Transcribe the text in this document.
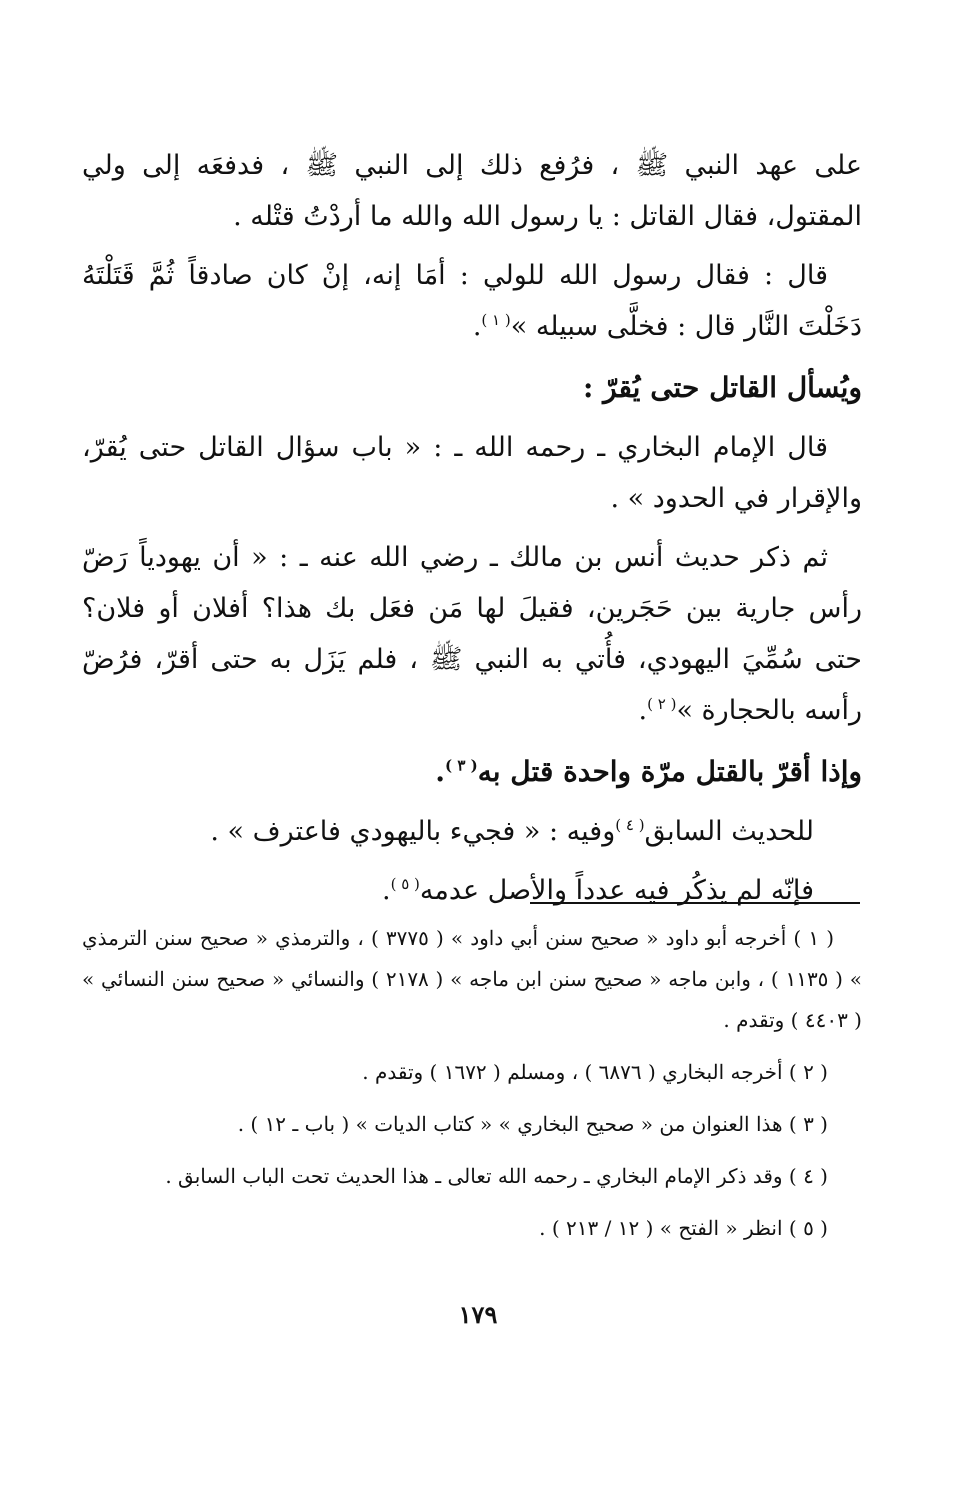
على عهد النبي ﷺ ، فرُفع ذلك إلى النبي ﷺ ، فدفعَه إلى ولي المقتول، فقال القاتل : يا رسول الله والله ما أردْتُ قتْله .

قال : فقال رسول الله للولي : أمَا إنه، إنْ كان صادقاً ثُمَّ قَتَلْتَهُ دَخَلْتَ النَّار قال : فخلَّى سبيله »$^{( ١ )}$.

ويُسأل القاتل حتى يُقرّ :

قال الإمام البخاري ـ رحمه الله ـ : « باب سؤال القاتل حتى يُقرّ، والإقرار في الحدود » .

ثم ذكر حديث أنس بن مالك ـ رضي الله عنه ـ : « أن يهودياً رَضّ رأس جارية بين حَجَرين، فقيلَ لها مَن فعَل بك هذا؟ أفلان أو فلان؟ حتى سُمِّيَ اليهودي، فأُتي به النبي ﷺ ، فلم يَزَل به حتى أقرّ، فرُضّ رأسه بالحجارة »$^{( ٢ )}$.

وإذا أقرّ بالقتل مرّة واحدة قتل به$^{( ٣ )}$.

للحديث السابق$^{( ٤ )}$وفيه : « فجيء باليهودي فاعترف » .

فإنّه لم يذكُر فيه عدداً والأصل عدمه$^{( ٥ )}$.

( ١ ) أخرجه أبو داود « صحيح سنن أبي داود » ( ٣٧٧٥ ) ، والترمذي « صحيح سنن الترمذي » ( ١١٣٥ ) ، وابن ماجه « صحيح سنن ابن ماجه » ( ٢١٧٨ ) والنسائي « صحيح سنن النسائي » ( ٤٤٠٣ ) وتقدم .

( ٢ ) أخرجه البخاري ( ٦٨٧٦ ) ، ومسلم ( ١٦٧٢ ) وتقدم .

( ٣ ) هذا العنوان من « صحيح البخاري » « كتاب الديات » ( باب ـ ١٢ ) .

( ٤ ) وقد ذكر الإمام البخاري ـ رحمه الله تعالى ـ هذا الحديث تحت الباب السابق .

( ٥ ) انظر « الفتح » ( ١٢ / ٢١٣ ) .

١٧٩
